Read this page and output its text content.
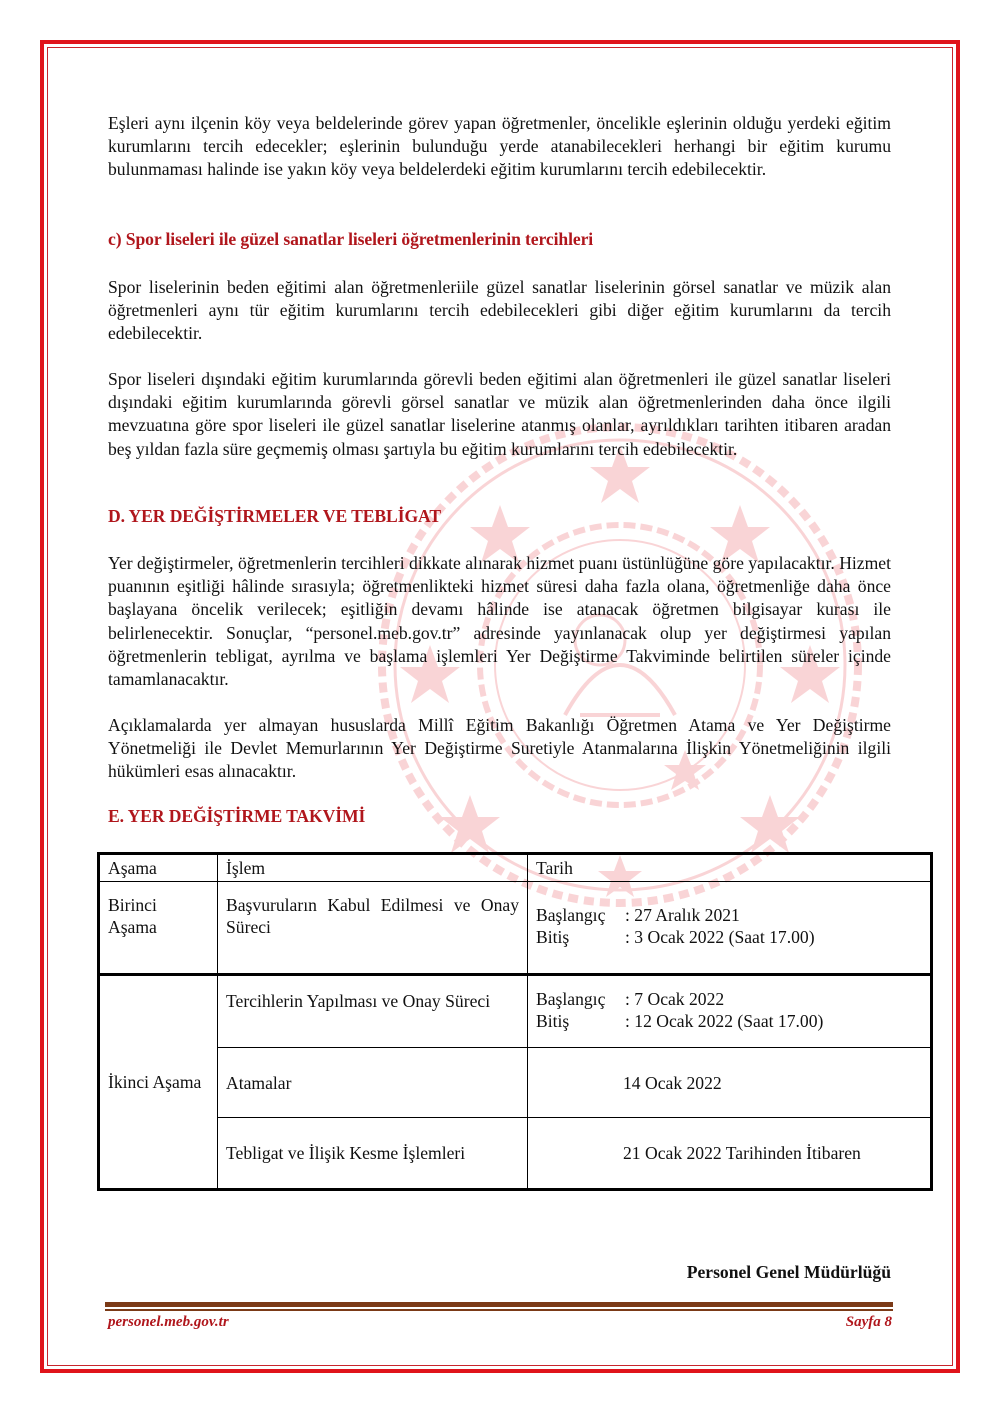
Eşleri aynı ilçenin köy veya beldelerinde görev yapan öğretmenler, öncelikle eşlerinin olduğu yerdeki eğitim kurumlarını tercih edecekler; eşlerinin bulunduğu yerde atanabilecekleri herhangi bir eğitim kurumu bulunmaması halinde ise yakın köy veya beldelerdeki eğitim kurumlarını tercih edebilecektir.

c) Spor liseleri ile güzel sanatlar liseleri öğretmenlerinin tercihleri

Spor liselerinin beden eğitimi alan öğretmenleriile güzel sanatlar liselerinin görsel sanatlar ve müzik alan öğretmenleri aynı tür eğitim kurumlarını tercih edebilecekleri gibi diğer eğitim kurumlarını da tercih edebilecektir.

Spor liseleri dışındaki eğitim kurumlarında görevli beden eğitimi alan öğretmenleri ile güzel sanatlar liseleri dışındaki eğitim kurumlarında görevli görsel sanatlar ve müzik alan öğretmenlerinden daha önce ilgili mevzuatına göre spor liseleri ile güzel sanatlar liselerine atanmış olanlar, ayrıldıkları tarihten itibaren aradan beş yıldan fazla süre geçmemiş olması şartıyla bu eğitim kurumlarını tercih edebilecektir.

D. YER DEĞİŞTİRMELER VE TEBLİGAT

Yer değiştirmeler, öğretmenlerin tercihleri dikkate alınarak hizmet puanı üstünlüğüne göre yapılacaktır. Hizmet puanının eşitliği hâlinde sırasıyla; öğretmenlikteki hizmet süresi daha fazla olana, öğretmenliğe daha önce başlayana öncelik verilecek; eşitliğin devamı hâlinde ise atanacak öğretmen bilgisayar kurası ile belirlenecektir. Sonuçlar, “personel.meb.gov.tr” adresinde yayınlanacak olup yer değiştirmesi yapılan öğretmenlerin tebligat, ayrılma ve başlama işlemleri Yer Değiştirme Takviminde belirtilen süreler içinde tamamlanacaktır.

Açıklamalarda yer almayan hususlarda Millî Eğitim Bakanlığı Öğretmen Atama ve Yer Değiştirme Yönetmeliği ile Devlet Memurlarının Yer Değiştirme Suretiyle Atanmalarına İlişkin Yönetmeliğinin ilgili hükümleri esas alınacaktır.

E. YER DEĞİŞTİRME TAKVİMİ
Aşama	İşlem	Tarih
Birinci Aşama	Başvuruların Kabul Edilmesi ve Onay Süreci	Başlangıç : 27 Aralık 2021
Bitiş : 3 Ocak 2022 (Saat 17.00)

İkinci Aşama	Tercihlerin Yapılması ve Onay Süreci	Başlangıç : 7 Ocak 2022
Bitiş : 12 Ocak 2022 (Saat 17.00)

	Atamalar	14 Ocak 2022
	Tebligat ve İlişik Kesme İşlemleri	21 Ocak 2022 Tarihinden İtibaren
Personel Genel Müdürlüğü
personel.meb.gov.tr	Sayfa 8
